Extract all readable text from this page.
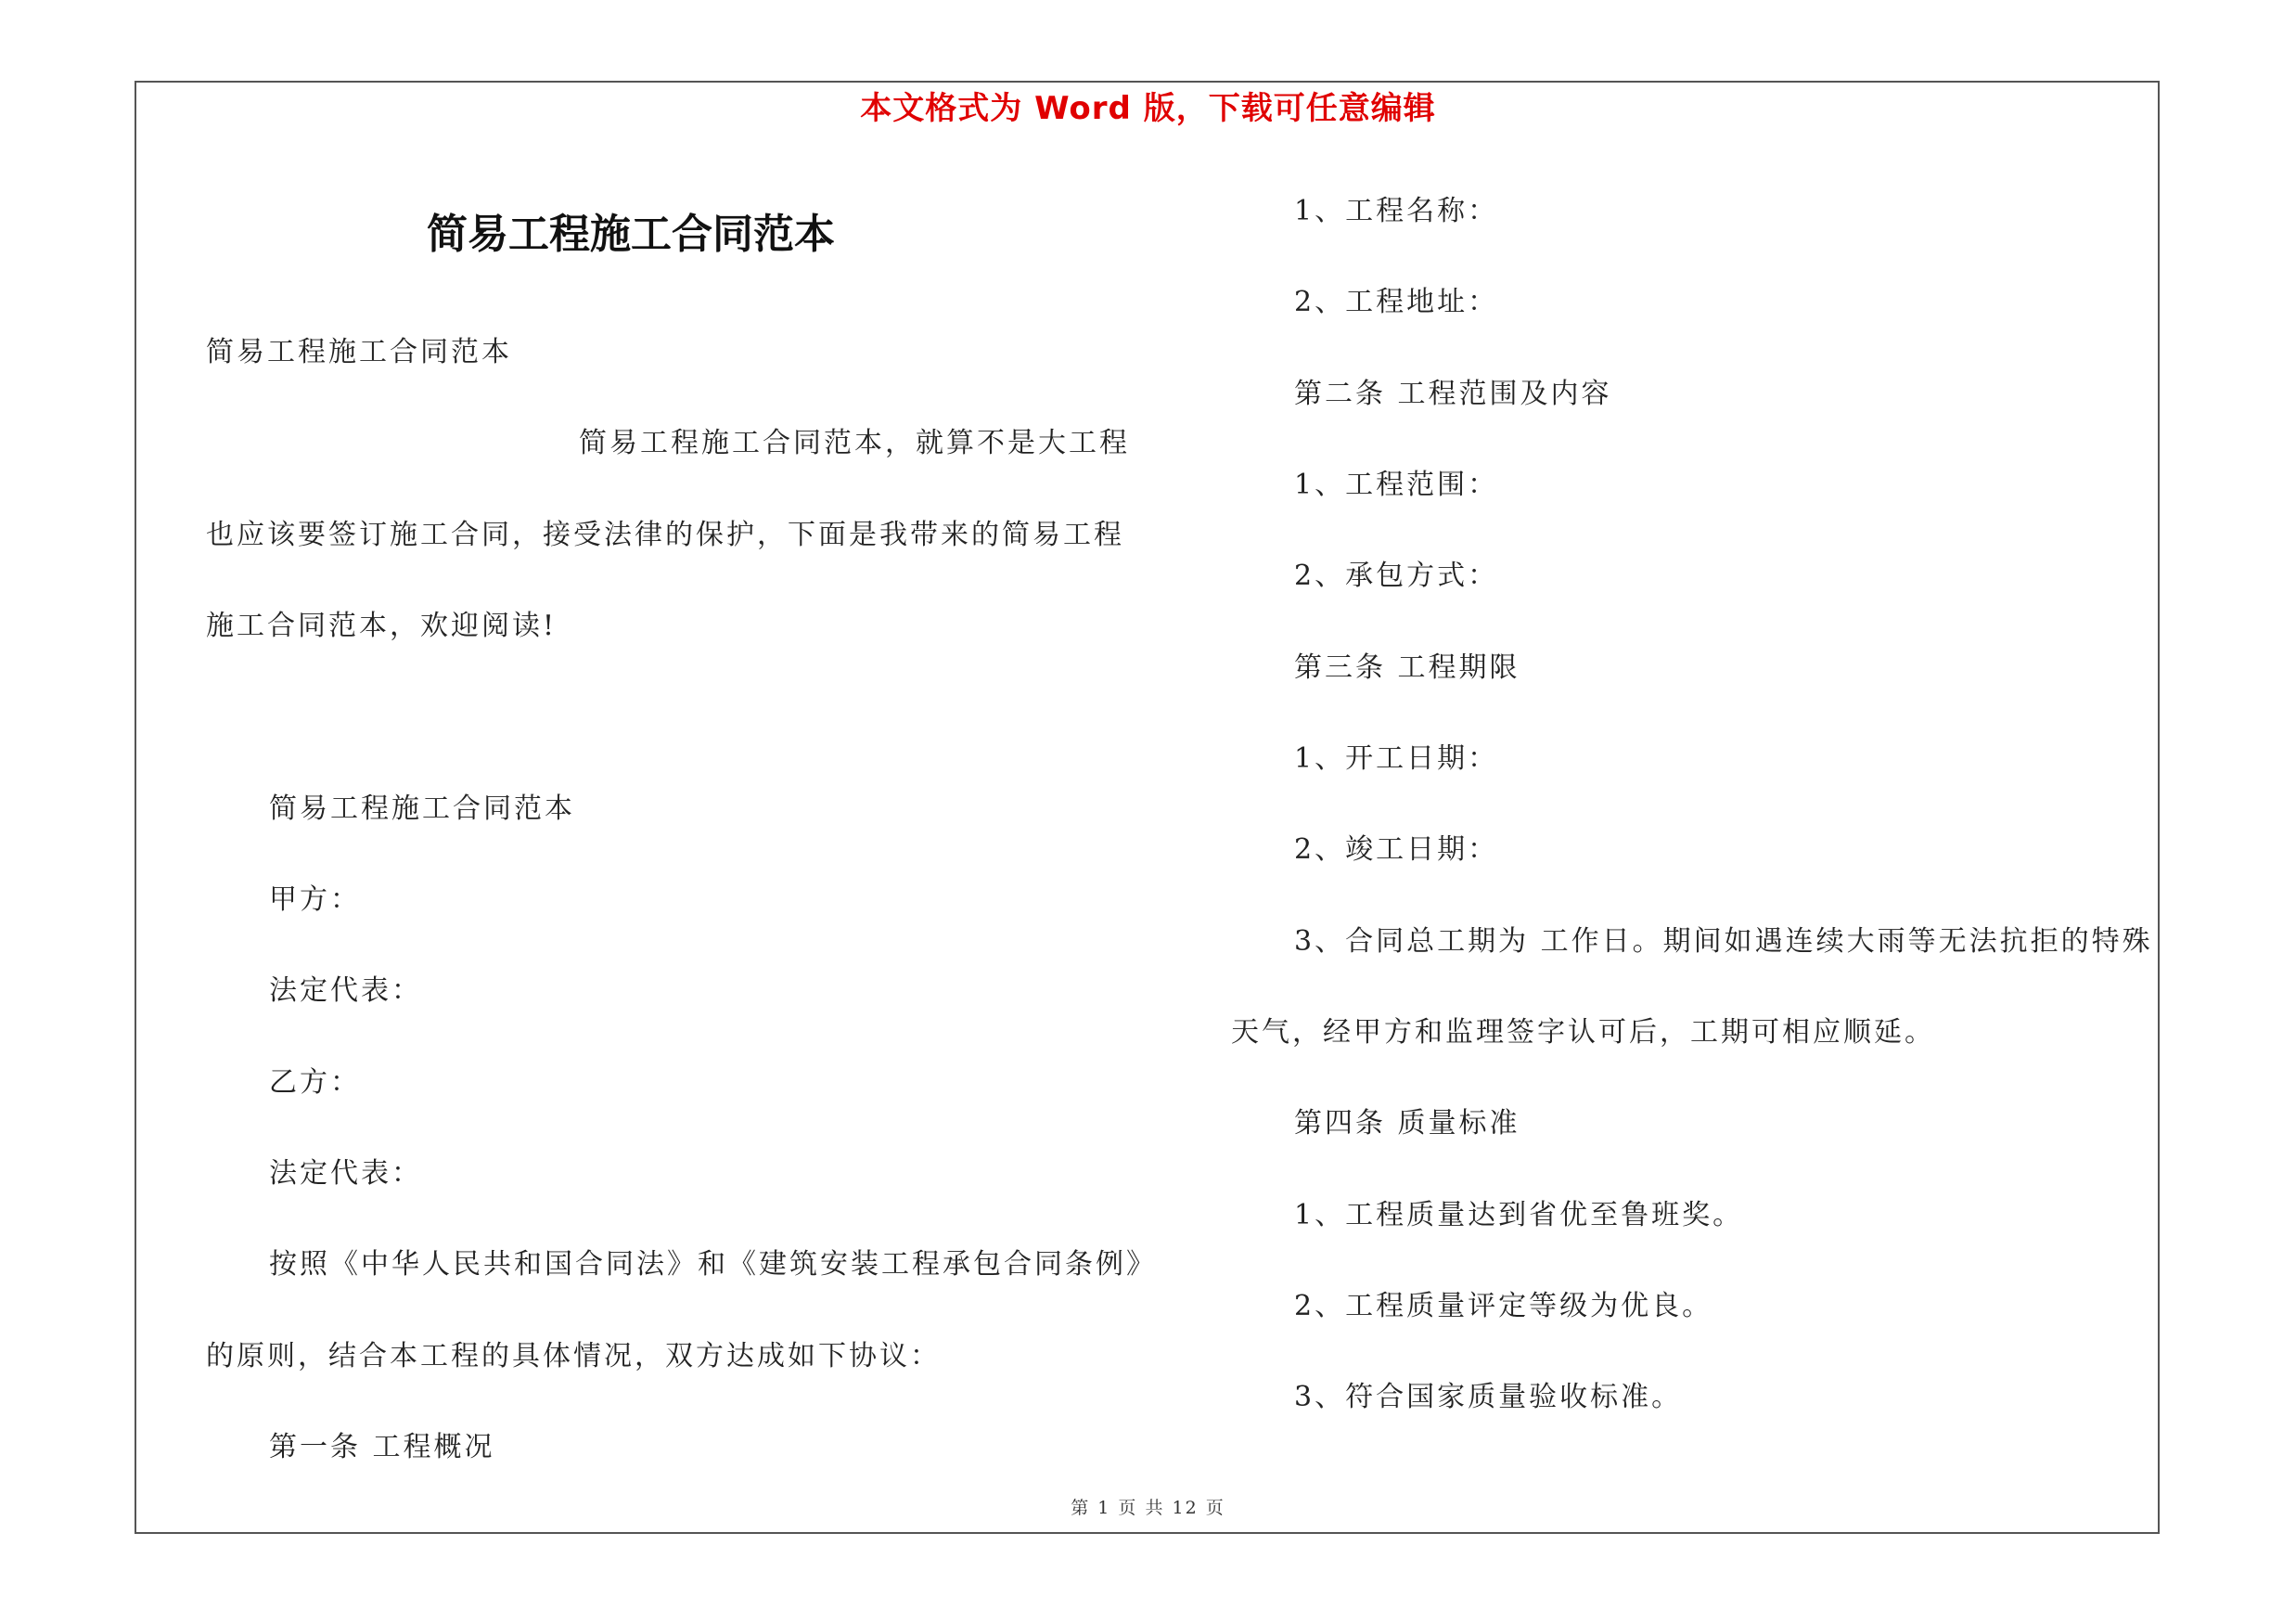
本文格式为 Word 版，下载可任意编辑
简易工程施工合同范本
简易工程施工合同范本
简易工程施工合同范本，就算不是大工程
也应该要签订施工合同，接受法律的保护，下面是我带来的简易工程
施工合同范本，欢迎阅读!
简易工程施工合同范本
甲方：
法定代表：
乙方：
法定代表：
按照《中华人民共和国合同法》和《建筑安装工程承包合同条例》
的原则，结合本工程的具体情况，双方达成如下协议：
第一条 工程概况
1、工程名称：
2、工程地址：
第二条 工程范围及内容
1、工程范围：
2、承包方式：
第三条 工程期限
1、开工日期：
2、竣工日期：
3、合同总工期为 工作日。期间如遇连续大雨等无法抗拒的特殊
天气，经甲方和监理签字认可后，工期可相应顺延。
第四条 质量标准
1、工程质量达到省优至鲁班奖。
2、工程质量评定等级为优良。
3、符合国家质量验收标准。
第 1 页 共 12 页
